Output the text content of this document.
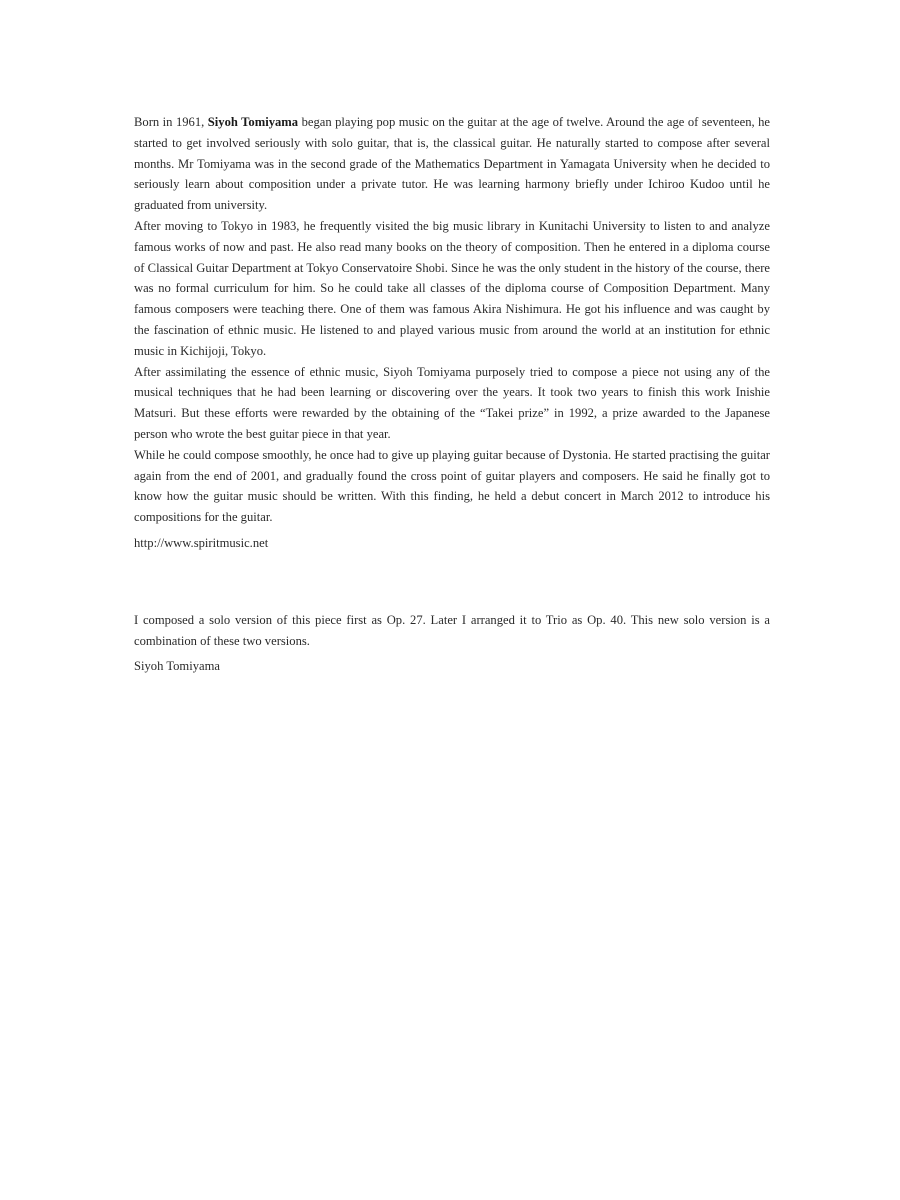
Born in 1961, Siyoh Tomiyama began playing pop music on the guitar at the age of twelve. Around the age of seventeen, he started to get involved seriously with solo guitar, that is, the classical guitar. He naturally started to compose after several months. Mr Tomiyama was in the second grade of the Mathematics Department in Yamagata University when he decided to seriously learn about composition under a private tutor. He was learning harmony briefly under Ichiroo Kudoo until he graduated from university.

After moving to Tokyo in 1983, he frequently visited the big music library in Kunitachi University to listen to and analyze famous works of now and past. He also read many books on the theory of composition. Then he entered in a diploma course of Classical Guitar Department at Tokyo Conservatoire Shobi. Since he was the only student in the history of the course, there was no formal curriculum for him. So he could take all classes of the diploma course of Composition Department. Many famous composers were teaching there. One of them was famous Akira Nishimura. He got his influence and was caught by the fascination of ethnic music. He listened to and played various music from around the world at an institution for ethnic music in Kichijoji, Tokyo.

After assimilating the essence of ethnic music, Siyoh Tomiyama purposely tried to compose a piece not using any of the musical techniques that he had been learning or discovering over the years. It took two years to finish this work Inishie Matsuri. But these efforts were rewarded by the obtaining of the “Takei prize” in 1992, a prize awarded to the Japanese person who wrote the best guitar piece in that year.

While he could compose smoothly, he once had to give up playing guitar because of Dystonia. He started practising the guitar again from the end of 2001, and gradually found the cross point of guitar players and composers. He said he finally got to know how the guitar music should be written. With this finding, he held a debut concert in March 2012 to introduce his compositions for the guitar.

http://www.spiritmusic.net

I composed a solo version of this piece first as Op. 27. Later I arranged it to Trio as Op. 40. This new solo version is a combination of these two versions.

Siyoh Tomiyama
